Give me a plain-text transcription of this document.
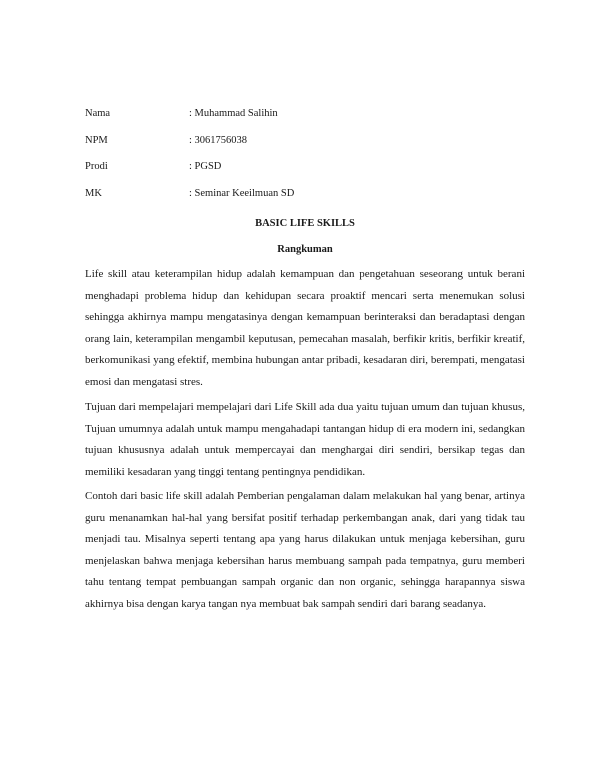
Nama	: Muhammad Salihin
NPM	: 3061756038
Prodi	: PGSD
MK	: Seminar Keeilmuan SD
BASIC LIFE SKILLS
Rangkuman

Life skill atau keterampilan hidup adalah kemampuan dan pengetahuan seseorang untuk berani menghadapi problema hidup dan kehidupan secara proaktif mencari serta menemukan solusi sehingga akhirnya mampu mengatasinya dengan kemampuan berinteraksi dan beradaptasi dengan orang lain, keterampilan mengambil keputusan, pemecahan masalah, berfikir kritis, berfikir kreatif, berkomunikasi yang efektif, membina hubungan antar pribadi, kesadaran diri, berempati, mengatasi emosi dan mengatasi stres.

Tujuan dari mempelajari mempelajari dari Life Skill ada dua yaitu tujuan umum dan tujuan khusus, Tujuan umumnya adalah untuk mampu mengahadapi tantangan hidup di era modern ini, sedangkan tujuan khususnya adalah untuk mempercayai dan menghargai diri sendiri, bersikap tegas dan memiliki kesadaran yang tinggi tentang pentingnya pendidikan.

Contoh dari basic life skill adalah Pemberian pengalaman dalam melakukan hal yang benar, artinya guru menanamkan hal-hal yang bersifat positif terhadap perkembangan anak, dari yang tidak tau menjadi tau. Misalnya seperti tentang apa yang harus dilakukan untuk menjaga kebersihan, guru menjelaskan bahwa menjaga kebersihan harus membuang sampah pada tempatnya, guru memberi tahu tentang tempat pembuangan sampah organic dan non organic, sehingga harapannya siswa akhirnya bisa dengan karya tangan nya membuat bak sampah sendiri dari barang seadanya.
